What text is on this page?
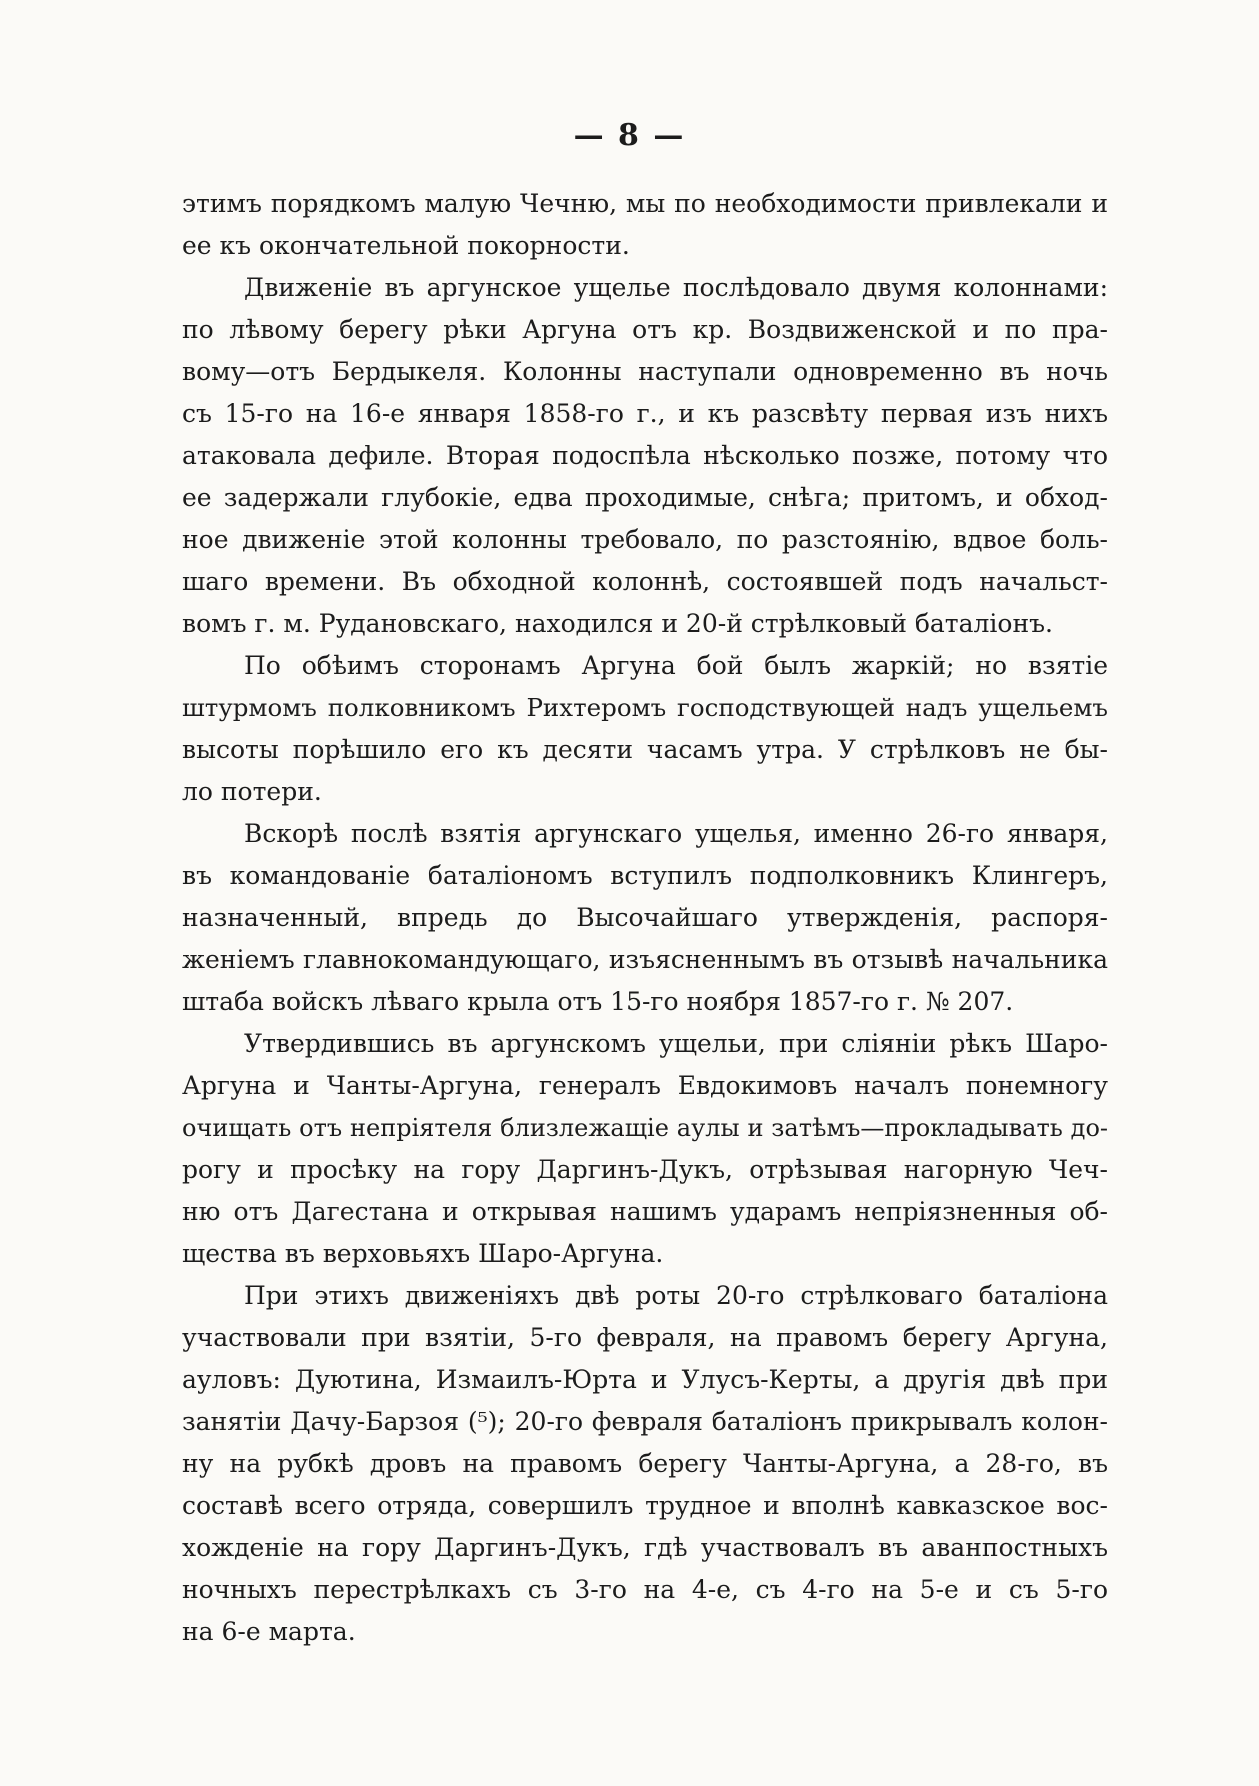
— 8 —
этимъ порядкомъ малую Чечню, мы по необходимости привлекали и
ее къ окончательной покорности.
Движеніе въ аргунское ущелье послѣдовало двумя колоннами:
по лѣвому берегу рѣки Аргуна отъ кр. Воздвиженской и по пра-
вому—отъ Бердыкеля. Колонны наступали одновременно въ ночь
съ 15-го на 16-е января 1858-го г., и къ разсвѣту первая изъ нихъ
атаковала дефиле. Вторая подоспѣла нѣсколько позже, потому что
ее задержали глубокіе, едва проходимые, снѣга; притомъ, и обход-
ное движеніе этой колонны требовало, по разстоянію, вдвое боль-
шаго времени. Въ обходной колоннѣ, состоявшей подъ начальст-
вомъ г. м. Рудановскаго, находился и 20-й стрѣлковый баталіонъ.
По обѣимъ сторонамъ Аргуна бой былъ жаркій; но взятіе
штурмомъ полковникомъ Рихтеромъ господствующей надъ ущельемъ
высоты порѣшило его къ десяти часамъ утра. У стрѣлковъ не бы-
ло потери.
Вскорѣ послѣ взятія аргунскаго ущелья, именно 26-го января,
въ командованіе баталіономъ вступилъ подполковникъ Клингеръ,
назначенный, впредь до Высочайшаго утвержденія, распоря-
женіемъ главнокомандующаго, изъясненнымъ въ отзывѣ начальника
штаба войскъ лѣваго крыла отъ 15-го ноября 1857-го г. № 207.
Утвердившись въ аргунскомъ ущельи, при сліяніи рѣкъ Шаро-
Аргуна и Чанты-Аргуна, генералъ Евдокимовъ началъ понемногу
очищать отъ непріятеля близлежащіе аулы и затѣмъ—прокладывать до-
рогу и просѣку на гору Даргинъ-Дукъ, отрѣзывая нагорную Чеч-
ню отъ Дагестана и открывая нашимъ ударамъ непріязненныя об-
щества въ верховьяхъ Шаро-Аргуна.
При этихъ движеніяхъ двѣ роты 20-го стрѣлковаго баталіона
участвовали при взятіи, 5-го февраля, на правомъ берегу Аргуна,
ауловъ: Дуютина, Измаилъ-Юрта и Улусъ-Керты, а другія двѣ при
занятіи Дачу-Барзоя (⁵); 20-го февраля баталіонъ прикрывалъ колон-
ну на рубкѣ дровъ на правомъ берегу Чанты-Аргуна, а 28-го, въ
составѣ всего отряда, совершилъ трудное и вполнѣ кавказское вос-
хожденіе на гору Даргинъ-Дукъ, гдѣ участвовалъ въ аванпостныхъ
ночныхъ перестрѣлкахъ съ 3-го на 4-е, съ 4-го на 5-е и съ 5-го
на 6-е марта.
